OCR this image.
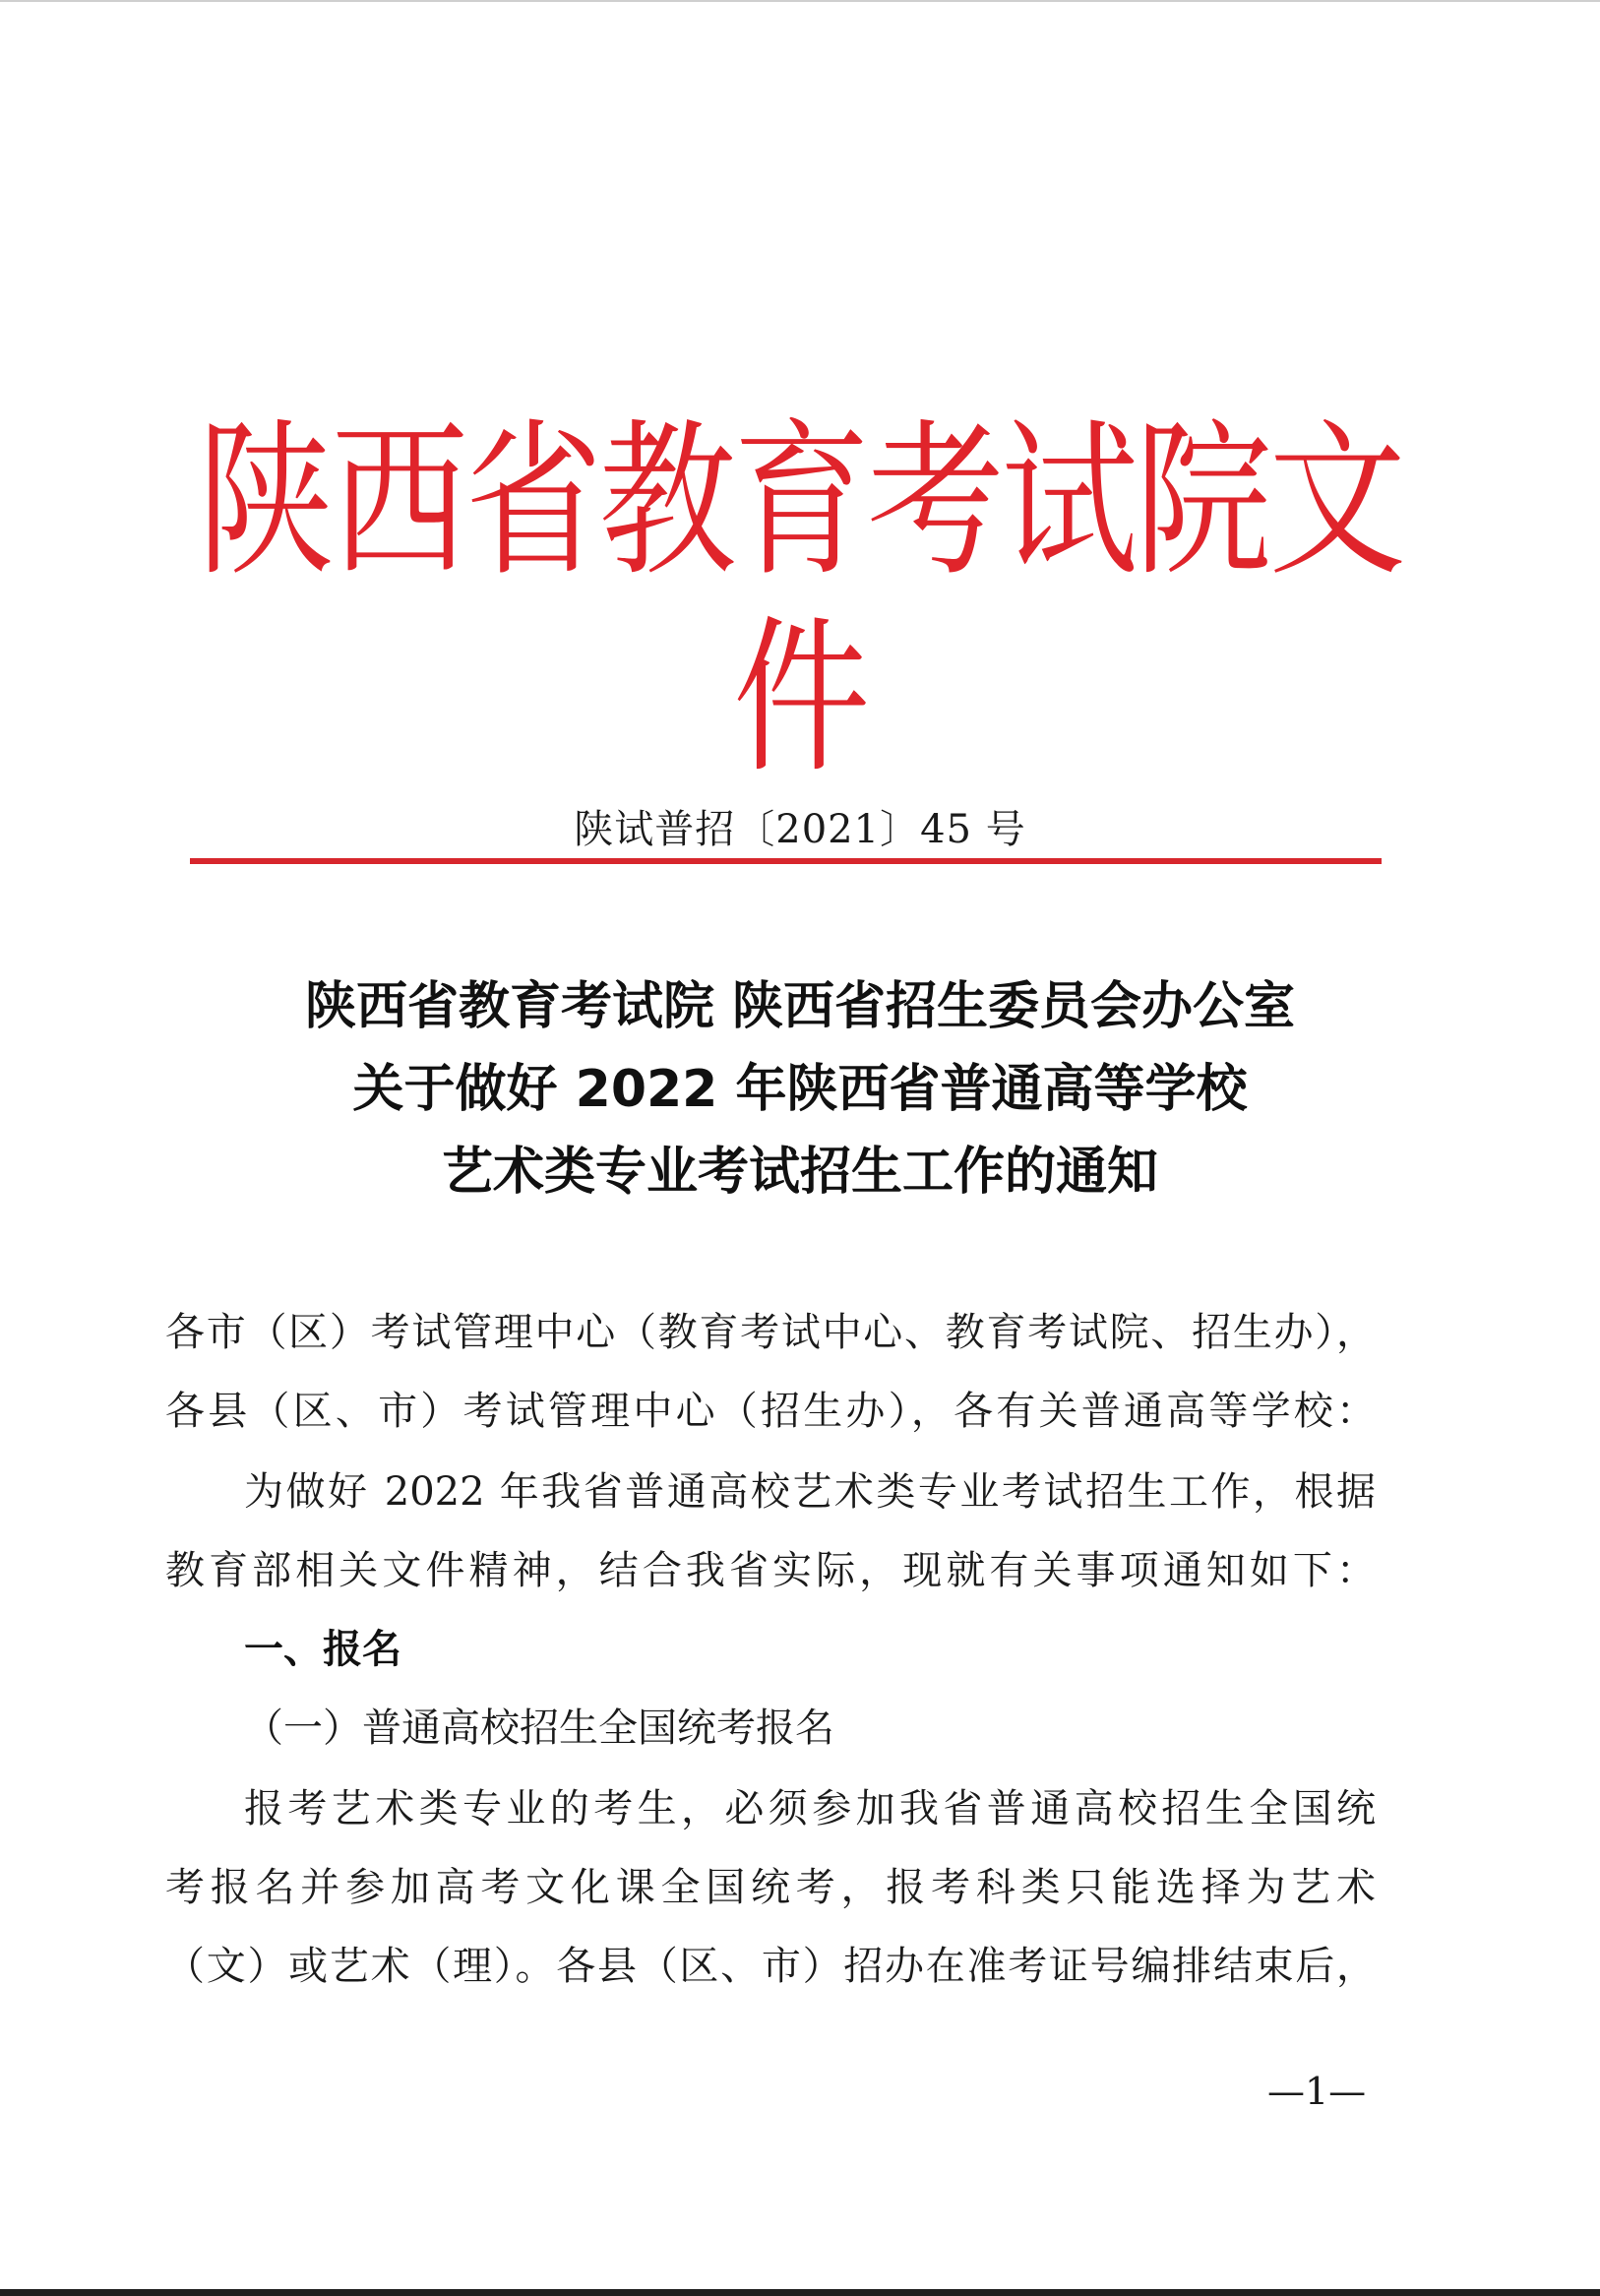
陕西省教育考试院文件
陕试普招〔2021〕45 号
陕西省教育考试院 陕西省招生委员会办公室
关于做好 2022 年陕西省普通高等学校
艺术类专业考试招生工作的通知
各市（区）考试管理中心（教育考试中心、教育考试院、招生办），
各县（区、市）考试管理中心（招生办），各有关普通高等学校：
为做好 2022 年我省普通高校艺术类专业考试招生工作，根据
教育部相关文件精神，结合我省实际，现就有关事项通知如下：
一、报名
（一）普通高校招生全国统考报名
报考艺术类专业的考生，必须参加我省普通高校招生全国统
考报名并参加高考文化课全国统考，报考科类只能选择为艺术
（文）或艺术（理）。各县（区、市）招办在准考证号编排结束后，
—1—
